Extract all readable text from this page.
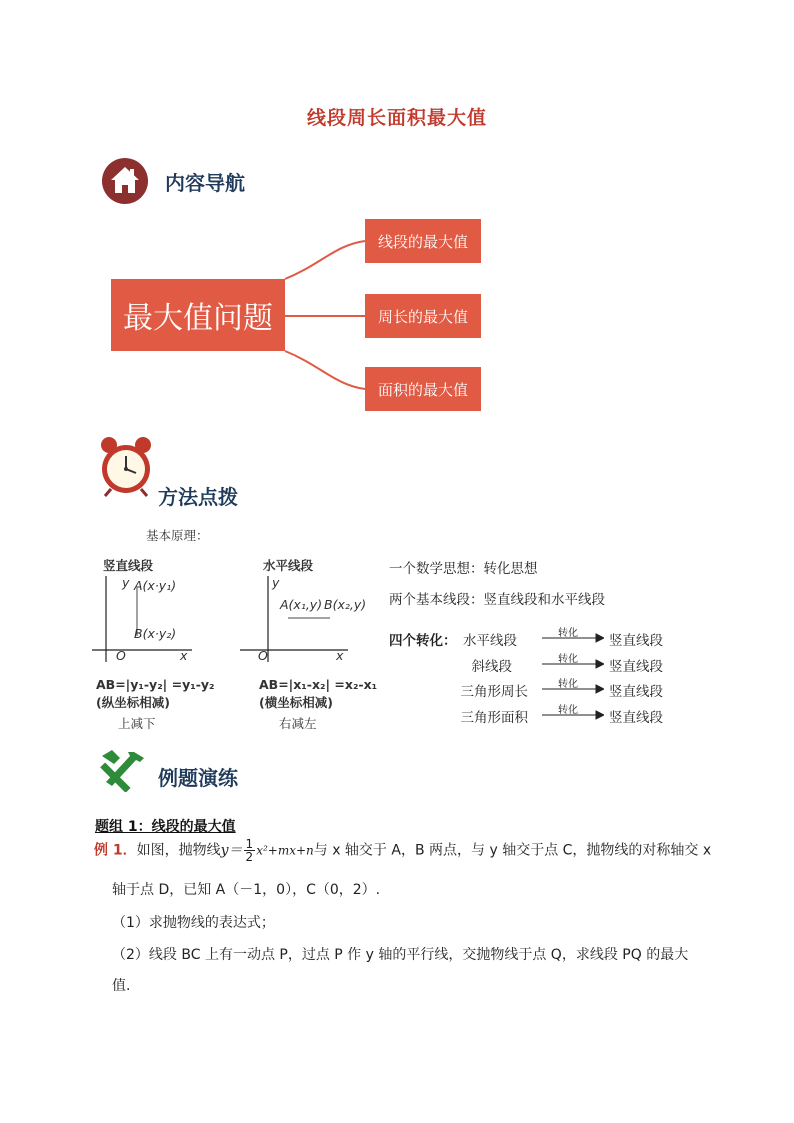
线段周长面积最大值
内容导航
最大值问题
线段的最大值
周长的最大值
面积的最大值
方法点拨
基本原理：
竖直线段
y A(x·y₁)
B(x·y₂)
O	x
AB=|y₁-y₂| =y₁-y₂
(纵坐标相减)
上减下
水平线段
y
A(x₁,y) B(x₂,y)
O	x
AB=|x₁-x₂| =x₂-x₁
(横坐标相减)
右减左
一个数学思想：转化思想
两个基本线段：竖直线段和水平线段
四个转化： 水平线段
斜线段
三角形周长
三角形面积
转化
转化
转化
转化
竖直线段
竖直线段
竖直线段
竖直线段
例题演练
题组 1：线段的最大值
例 1．如图，抛物线$y= \frac{1}{2} x^2+mx+n$与 x 轴交于 A，B 两点，与 y 轴交于点 C，抛物线的对称轴交 x
轴于点 D，已知 A（－1，0），C（0，2）.
（1）求抛物线的表达式；
（2）线段 BC 上有一动点 P，过点 P 作 y 轴的平行线，交抛物线于点 Q，求线段 PQ 的最大
值.
